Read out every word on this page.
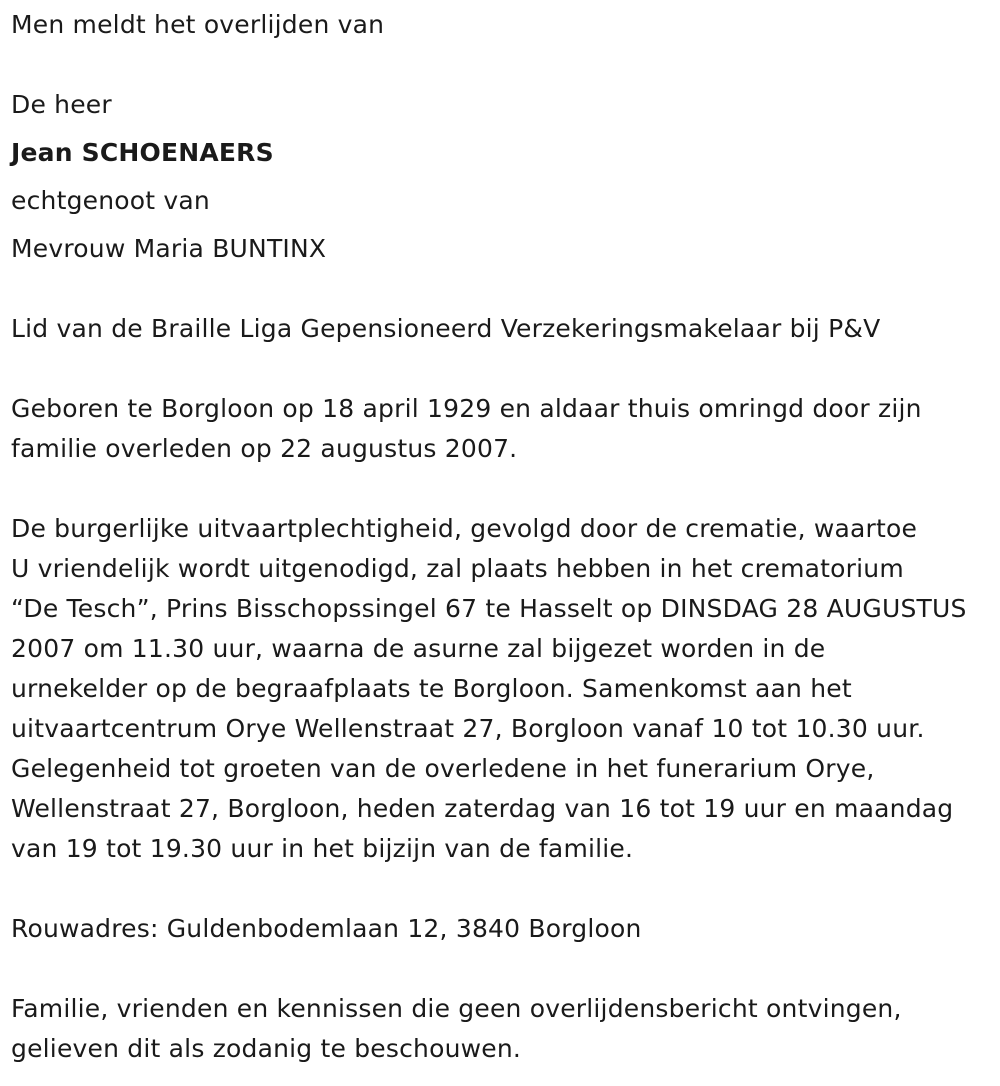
Men meldt het overlijden van
De heer
Jean SCHOENAERS
echtgenoot van
Mevrouw Maria BUNTINX
Lid van de Braille Liga Gepensioneerd Verzekeringsmakelaar bij P&V
Geboren te Borgloon op 18 april 1929 en aldaar thuis omringd door zijn
familie overleden op 22 augustus 2007.
De burgerlijke uitvaartplechtigheid, gevolgd door de crematie, waartoe
U vriendelijk wordt uitgenodigd, zal plaats hebben in het crematorium
“De Tesch”, Prins Bisschopssingel 67 te Hasselt op DINSDAG 28 AUGUSTUS
2007 om 11.30 uur, waarna de asurne zal bijgezet worden in de
urnekelder op de begraafplaats te Borgloon. Samenkomst aan het
uitvaartcentrum Orye Wellenstraat 27, Borgloon vanaf 10 tot 10.30 uur.
Gelegenheid tot groeten van de overledene in het funerarium Orye,
Wellenstraat 27, Borgloon, heden zaterdag van 16 tot 19 uur en maandag
van 19 tot 19.30 uur in het bijzijn van de familie.
Rouwadres: Guldenbodemlaan 12, 3840 Borgloon
Familie, vrienden en kennissen die geen overlijdensbericht ontvingen,
gelieven dit als zodanig te beschouwen.
